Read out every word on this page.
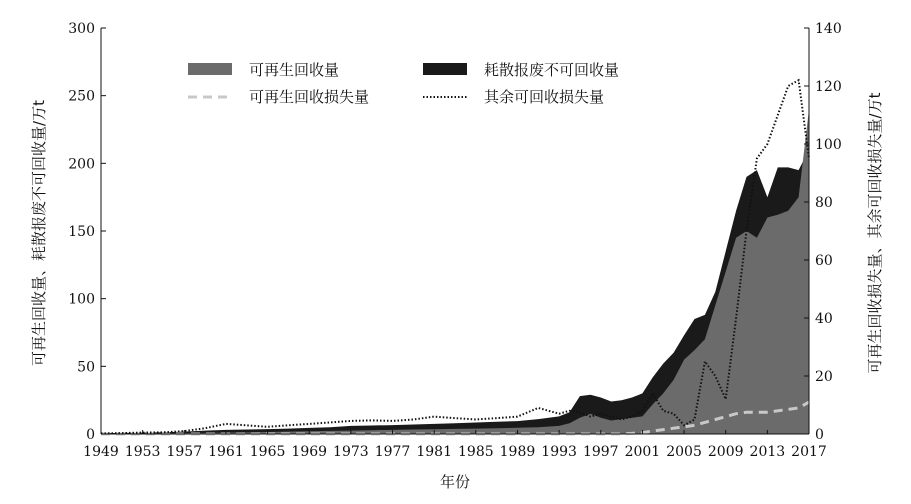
0
50
100
150
200
250
300
0
20
40
60
80
100
120
140
1949 1953 1957 1961 1965 1969 1973 1977 1981 1985 1989 1993 1997 2001 2005 2009 2013 2017
年份
可再生回收量、耗散报废不可回收量/万t	可再生回收损失量、其余可回收损失量/万t
可再生回收量	耗散报废不可回收量
可再生回收损失量	其余可回收损失量
